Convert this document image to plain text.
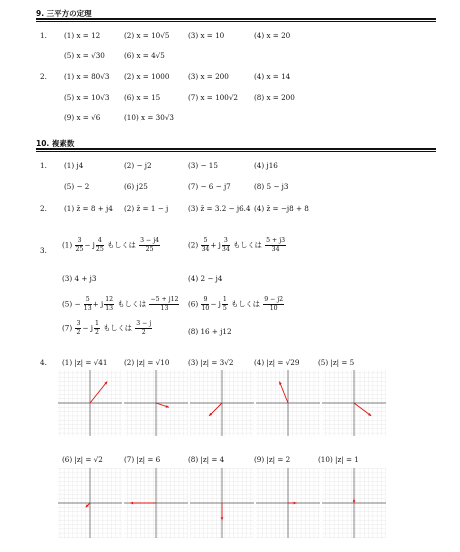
9. 三平方の定理
1. (1) x = 12	(2) x = 10√5	(3) x = 10	(4) x = 20
(5) x = √30	(6) x = 4√5
2. (1) x = 80√3 (2) x = 1000	(3) x = 200	(4) x = 14
(5) x = 10√3 (6) x = 15	(7) x = 100√2 (8) x = 200
(9) x = √6	(10) x = 30√3
10. 複素数
1. (1) j4	(2) − j2	(3) − 15	(4) j16
(5) − 2	(6) j25	(7) − 6 − j7	(8) 5 − j3
2. (1) z̄ = 8 + j4 (2) z̄ = 1 − j	(3) z̄ = 3.2 − j6.4 (4) z̄ = −j8 + 8
3.
$(1) \frac{3}{25} - j \frac{4}{25}$ もしくは $\frac{3 - j4}{25}$	$(2) \frac{5}{34} + j \frac{3}{34}$ もしくは $\frac{5 + j3}{34}$
(3) 4 + j3	(4) 2 − j4
$(5) - \frac{5}{13} + j \frac{12}{13}$ もしくは $\frac{-5 + j12}{13} (6) \frac{9}{10} - j \frac{1}{5}$ もしくは $\frac{9 - j2}{10}$
$(7) \frac{3}{2} - j \frac{1}{2}$ もしくは $\frac{3 - j}{2}$	(8) 16 + j12
4. (1) |z| = √41 (2) |z| = √10	(3) |z| = 3√2	(4) |z| = √29	(5) |z| = 5
(6) |z| = √2	(7) |z| = 6	(8) |z| = 4	(9) |z| = 2	(10) |z| = 1
